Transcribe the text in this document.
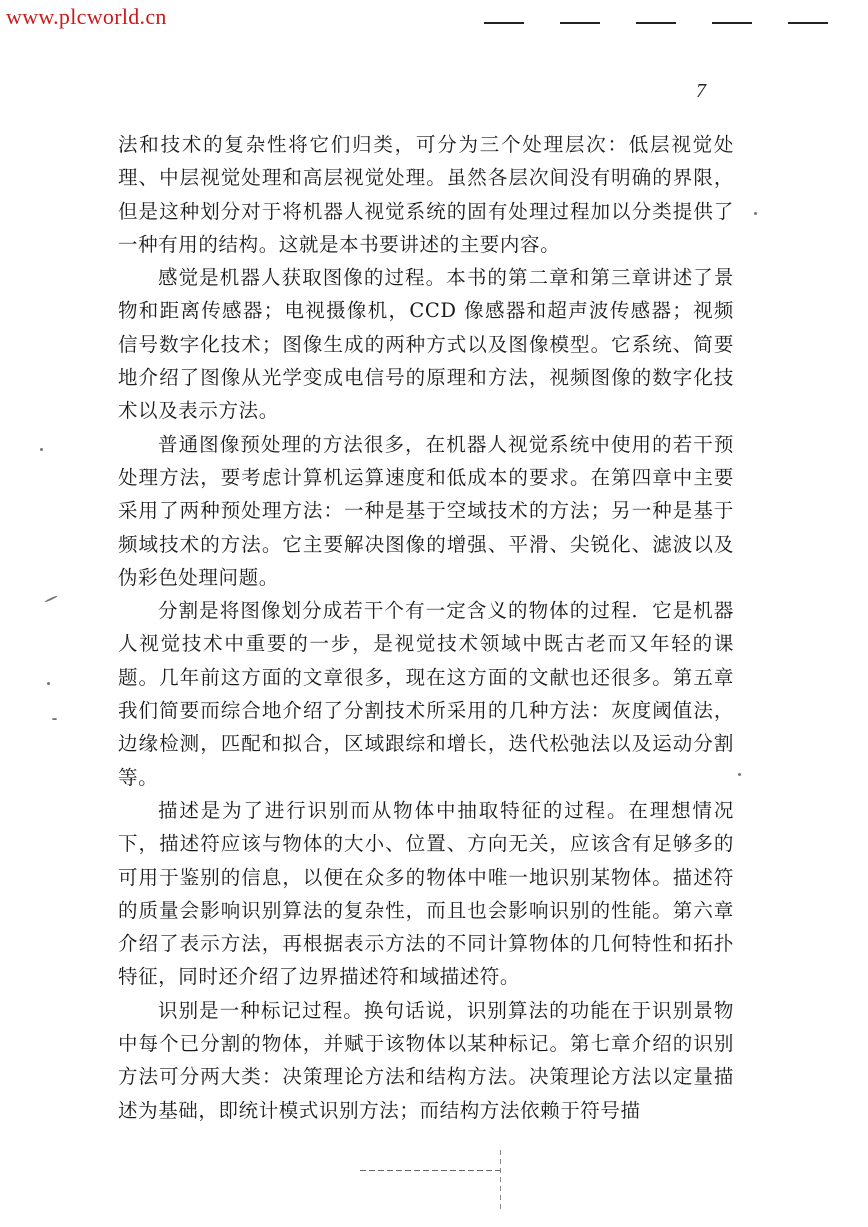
www.plcworld.cn
7

法和技术的复杂性将它们归类，可分为三个处理层次：低层视觉处理、中层视觉处理和高层视觉处理。虽然各层次间没有明确的界限，但是这种划分对于将机器人视觉系统的固有处理过程加以分类提供了一种有用的结构。这就是本书要讲述的主要内容。

感觉是机器人获取图像的过程。本书的第二章和第三章讲述了景物和距离传感器；电视摄像机，CCD 像感器和超声波传感器；视频信号数字化技术；图像生成的两种方式以及图像模型。它系统、简要地介绍了图像从光学变成电信号的原理和方法，视频图像的数字化技术以及表示方法。

普通图像预处理的方法很多，在机器人视觉系统中使用的若干预处理方法，要考虑计算机运算速度和低成本的要求。在第四章中主要采用了两种预处理方法：一种是基于空域技术的方法；另一种是基于频域技术的方法。它主要解决图像的增强、平滑、尖锐化、滤波以及伪彩色处理问题。

分割是将图像划分成若干个有一定含义的物体的过程．它是机器人视觉技术中重要的一步，是视觉技术领域中既古老而又年轻的课题。几年前这方面的文章很多，现在这方面的文献也还很多。第五章我们简要而综合地介绍了分割技术所采用的几种方法：灰度阈值法，边缘检测，匹配和拟合，区域跟综和增长，迭代松弛法以及运动分割等。

描述是为了进行识别而从物体中抽取特征的过程。在理想情况下，描述符应该与物体的大小、位置、方向无关，应该含有足够多的可用于鉴别的信息，以便在众多的物体中唯一地识别某物体。描述符的质量会影响识别算法的复杂性，而且也会影响识别的性能。第六章介绍了表示方法，再根据表示方法的不同计算物体的几何特性和拓扑特征，同时还介绍了边界描述符和域描述符。

识别是一种标记过程。换句话说，识别算法的功能在于识别景物中每个已分割的物体，并赋于该物体以某种标记。第七章介绍的识别方法可分两大类：决策理论方法和结构方法。决策理论方法以定量描述为基础，即统计模式识别方法；而结构方法依赖于符号描
